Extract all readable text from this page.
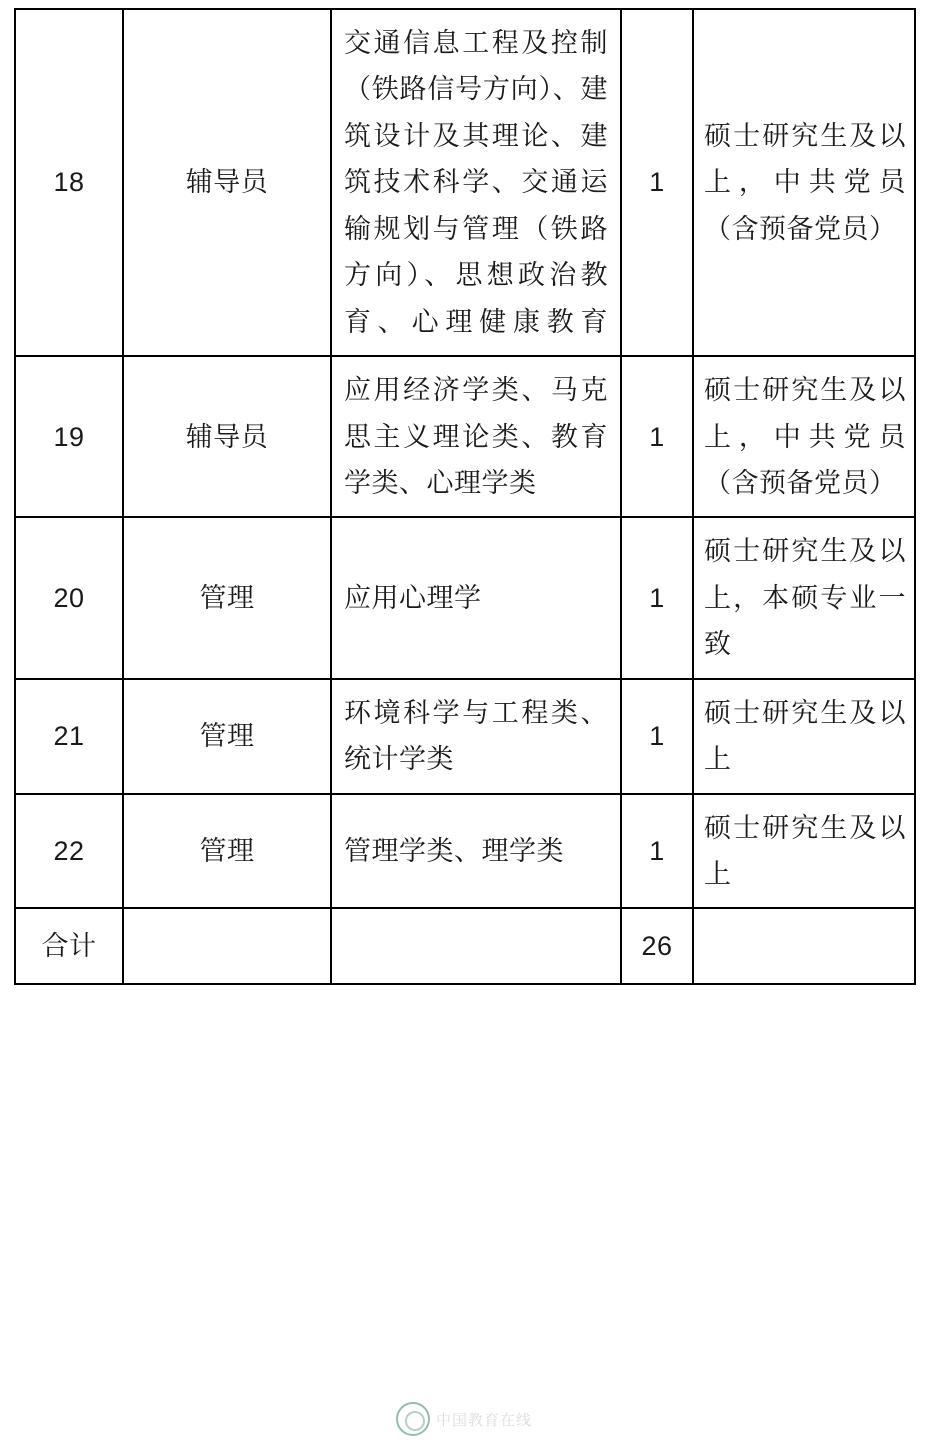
18	辅导员	交通信息工程及控制（铁路信号方向）、建筑设计及其理论、建筑技术科学、交通运输规划与管理（铁路方向）、思想政治教育、心理健康教育	1	硕士研究生及以上，中共党员（含预备党员）

19	辅导员	应用经济学类、马克思主义理论类、教育学类、心理学类	1	硕士研究生及以上，中共党员（含预备党员）

20	管理	应用心理学	1	硕士研究生及以上，本硕专业一致

21	管理	环境科学与工程类、统计学类	1	硕士研究生及以上

22	管理	管理学类、理学类	1	硕士研究生及以上

合计			26	

中国教育在线
